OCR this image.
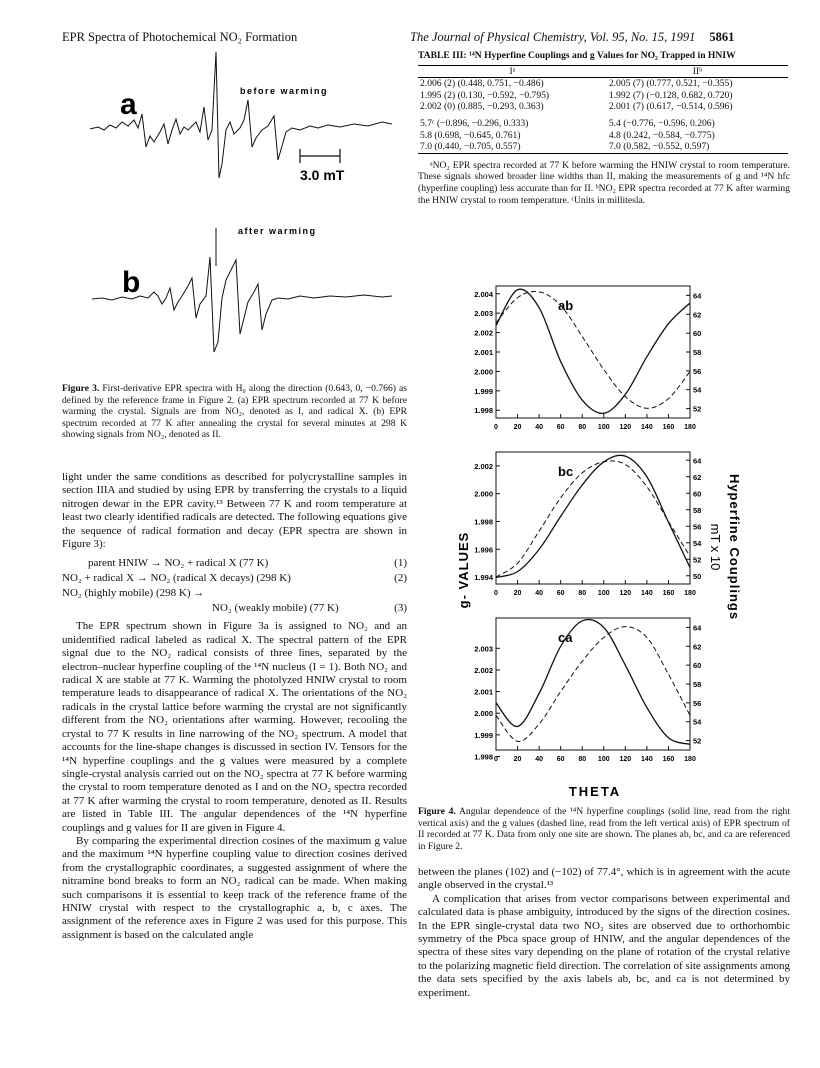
EPR Spectra of Photochemical NO₂ Formation	The Journal of Physical Chemistry, Vol. 95, No. 15, 1991 5861
a	before warming
3.0 mT
b
after warming
Figure 3. First-derivative EPR spectra with H₀ along the direction (0.643, 0, −0.766) as defined by the reference frame in Figure 2. (a) EPR spectrum recorded at 77 K before warming the crystal. Signals are from NO₂, denoted as I, and radical X. (b) EPR spectrum recorded at 77 K after annealing the crystal for several minutes at 298 K showing signals from NO₂, denoted as II.

light under the same conditions as described for polycrystalline samples in section IIIA and studied by using EPR by transferring the crystals to a liquid nitrogen dewar in the EPR cavity.¹³ Between 77 K and room temperature at least two clearly identified radicals are detected. The following equations give the sequence of radical formation and decay (EPR spectra are shown in Figure 3):

parent HNIW → NO₂ + radical X (77 K)	(1)
NO₂ + radical X → NO₂ (radical X decays) (298 K)	(2)
NO₂ (highly mobile) (298 K) →
NO₂ (weakly mobile) (77 K)	(3)

The EPR spectrum shown in Figure 3a is assigned to NO₂ and an unidentified radical labeled as radical X. The spectral pattern of the EPR signal due to the NO₂ radical consists of three lines, separated by the electron–nuclear hyperfine coupling of the ¹⁴N nucleus (I = 1). Both NO₂ and radical X are stable at 77 K. Warming the photolyzed HNIW crystal to room temperature leads to disappearance of radical X. The orientations of the NO₂ radicals in the crystal lattice before warming the crystal are not significantly different from the NO₂ orientations after warming. However, recooling the crystal to 77 K results in line narrowing of the NO₂ spectrum. A model that accounts for the line-shape changes is discussed in section IV. Tensors for the ¹⁴N hyperfine couplings and the g values were measured by a complete single-crystal analysis carried out on the NO₂ spectra at 77 K before warming the crystal to room temperature denoted as I and on the NO₂ spectra recorded at 77 K after warming the crystal to room temperature, denoted as II. Results are listed in Table III. The angular dependences of the ¹⁴N hyperfine couplings and g values for II are given in Figure 4.

By comparing the experimental direction cosines of the maximum g value and the maximum ¹⁴N hyperfine coupling value to direction cosines derived from the crystallographic coordinates, a suggested assignment of where the nitramine bond breaks to form an NO₂ radical can be made. When making such comparisons it is essential to keep track of the reference frame of the HNIW crystal with respect to the crystallographic a, b, c axes. The assignment of the reference axes in Figure 2 was used for this purpose. This assignment is based on the calculated angle

TABLE III: ¹⁴N Hyperfine Couplings and g Values for NO₂ Trapped in HNIW
Iᵃ	IIᵇ
2.006 (2) (0.448, 0.751, −0.486)	2.005 (7) (0.777, 0.521, −0.355)
1.995 (2) (0.130, −0.592, −0.795)	1.992 (7) (−0.128, 0.682, 0.720)
2.002 (0) (0.885, −0.293, 0.363)	2.001 (7) (0.617, −0.514, 0.596)
5.7ᶜ (−0.896, −0.296, 0.333)	5.4 (−0.776, −0.596, 0.206)
5.8 (0.698, −0.645, 0.761)	4.8 (0.242, −0.584, −0.775)
7.0 (0.440, −0.705, 0.557)	7.0 (0.582, −0.552, 0.597)

ᵃNO₂ EPR spectra recorded at 77 K before warming the HNIW crystal to room temperature. These signals showed broader line widths than II, making the measurements of g and ¹⁴N hfc (hyperfine coupling) less accurate than for II. ᵇNO₂ EPR spectra recorded at 77 K after warming the HNIW crystal to room temperature. ᶜUnits in millitesla.

g- VALUES	Hyperfine Couplings
mT x 10
THETA
ab
0 20 40 60 80 100 120 140 160 180
2.004
2.003
2.002
2.001
2.000
1.999
1.998
64
62
60
58
56
54
52
bc
0 20 40 60 80 100 120 140 160 180
2.002
2.000
1.998
1.996
1.994
64
62
60
58
56
54
52
50
ca
0 20 40 60 80 100 120 140 160 180
2.003
2.002
2.001
2.000
1.999
1.998
64
62
60
58
56
54
52
Figure 4. Angular dependence of the ¹⁴N hyperfine couplings (solid line, read from the right vertical axis) and the g values (dashed line, read from the left vertical axis) of EPR spectrum of II recorded at 77 K. Data from only one site are shown. The planes ab, bc, and ca are referenced in Figure 2.

between the planes (102) and (−102) of 77.4°, which is in agreement with the acute angle observed in the crystal.¹³

A complication that arises from vector comparisons between experimental and calculated data is phase ambiguity, introduced by the signs of the direction cosines. In the EPR single-crystal data two NO₂ sites are observed due to orthorhombic symmetry of the Pbca space group of HNIW, and the angular dependences of the spectra of these sites vary depending on the plane of rotation of the crystal relative to the polarizing magnetic field direction. The correlation of site assignments among the data sets specified by the axis labels ab, bc, and ca is not determined by experiment.
